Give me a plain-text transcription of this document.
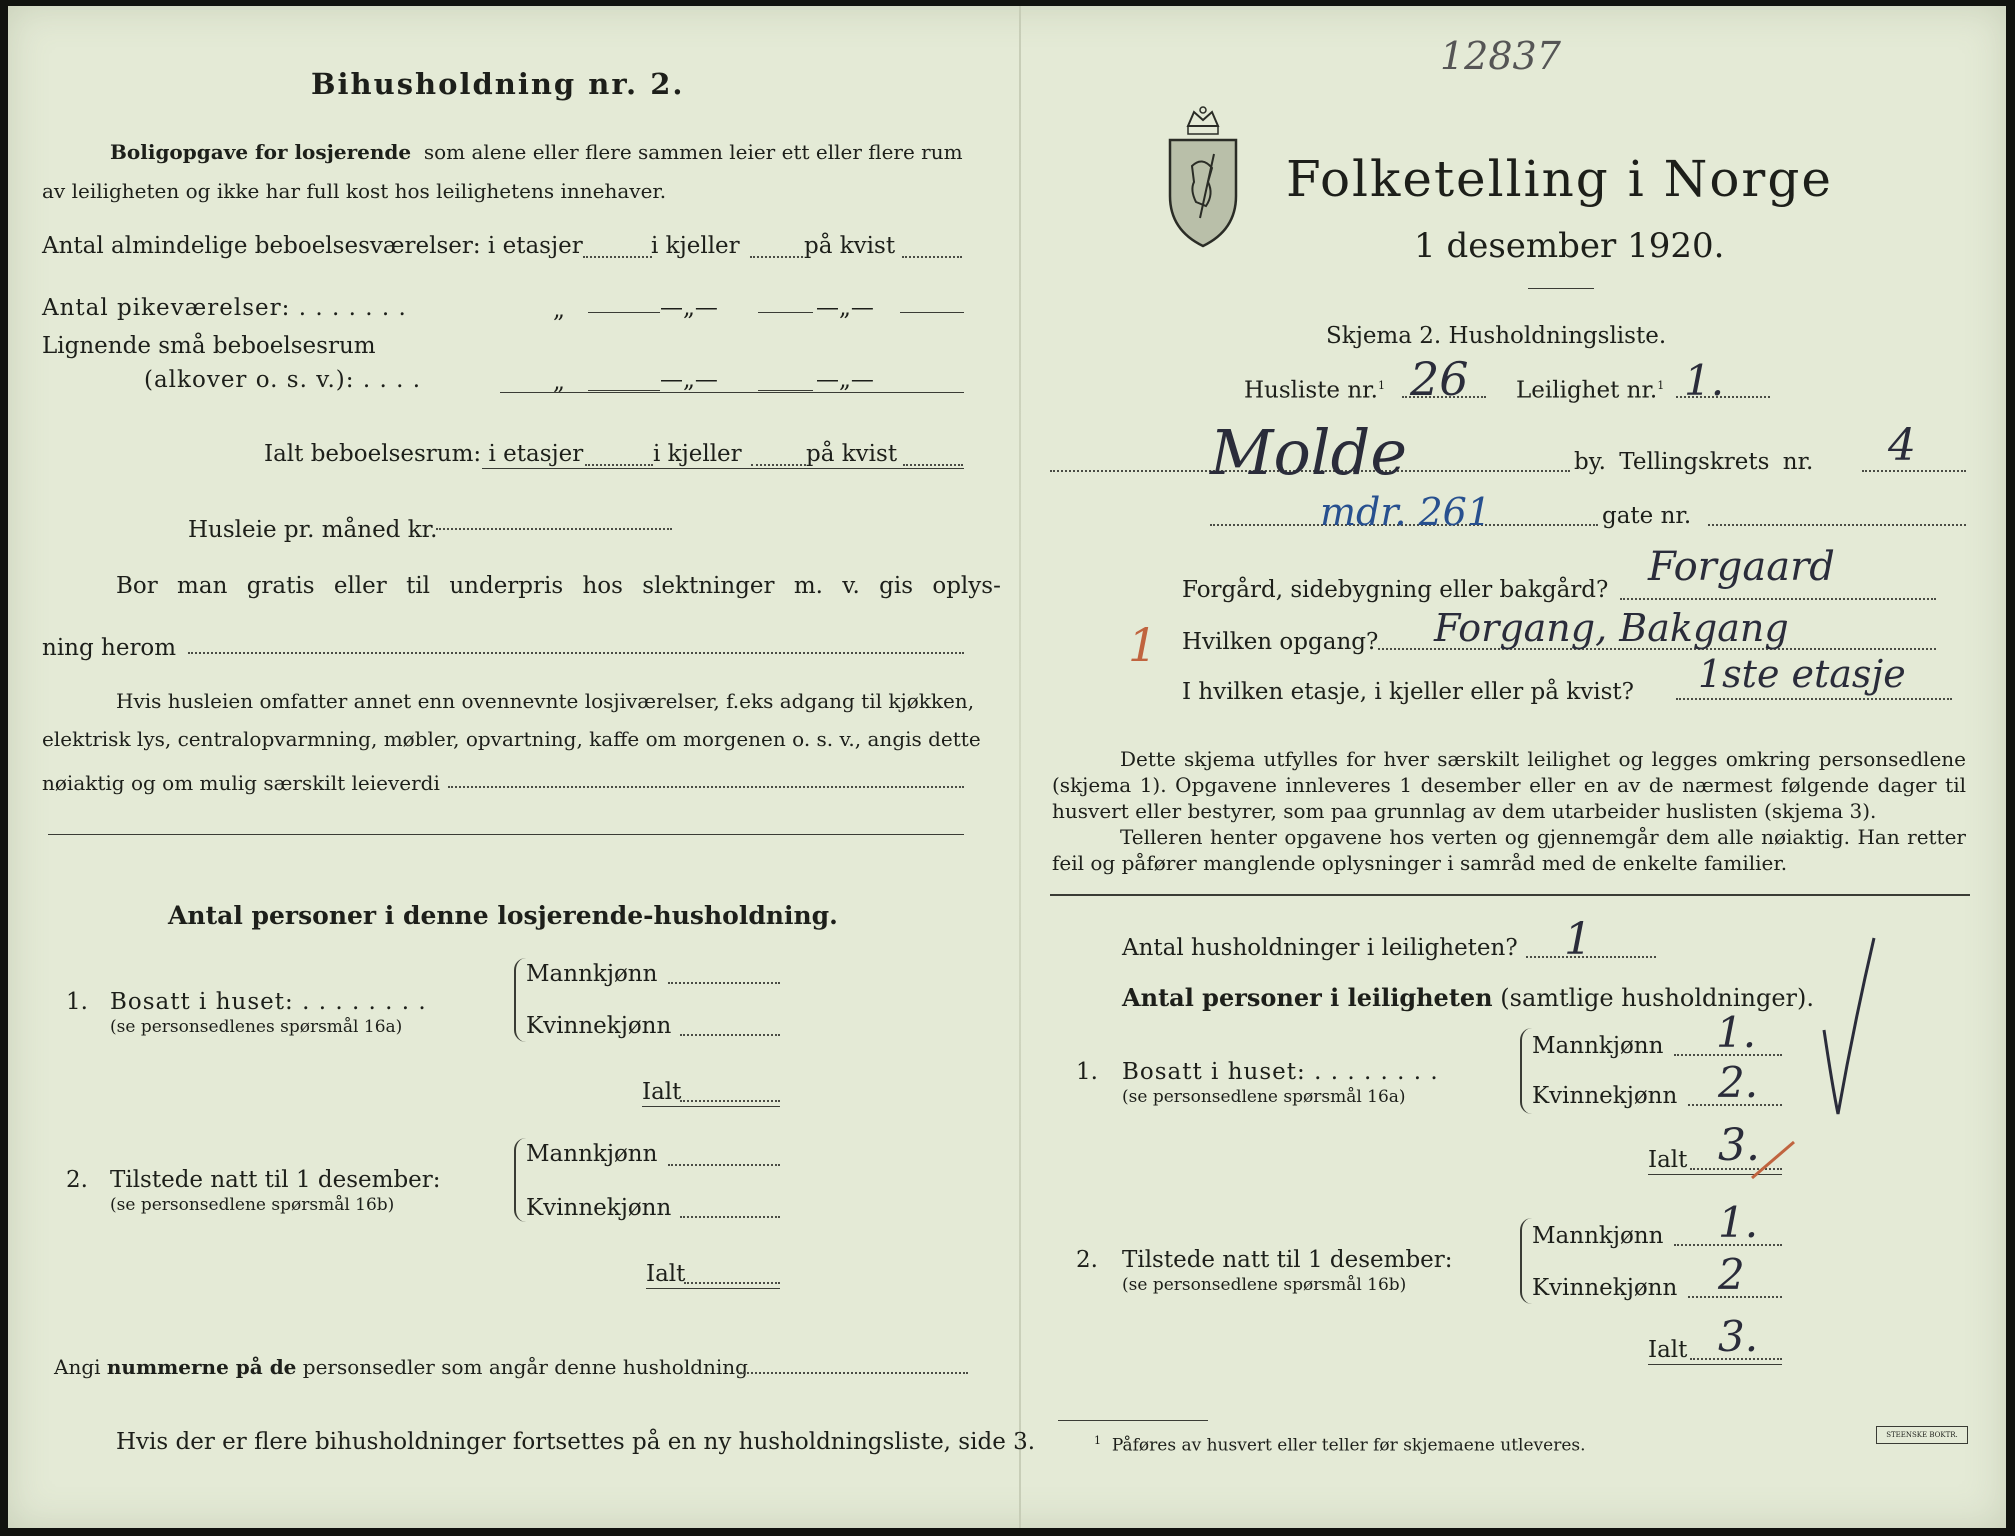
12837
Bihusholdning nr. 2.
Boligopgave for losjerende som alene eller flere sammen leier ett eller flere rum
av leiligheten og ikke har full kost hos leilighetens innehaver.
Antal almindelige beboelsesværelser: i etasjer	i kjeller	på kvist
Antal pikeværelser: . . . . . . .	„	—„—	—„—
Lignende små beboelsesrum
(alkover o. s. v.): . . . .	„	—„—	—„—
Ialt beboelsesrum: i etasjer	i kjeller	på kvist
Husleie pr. måned kr.
Bor man gratis eller til underpris hos slektninger m. v. gis oplys-
ning herom
Hvis husleien omfatter annet enn ovennevnte losjiværelser, f.eks adgang til kjøkken,
elektrisk lys, centralopvarmning, møbler, opvartning, kaffe om morgenen o. s. v., angis dette
nøiaktig og om mulig særskilt leieverdi
Antal personer i denne losjerende-husholdning.
1. Bosatt i huset: . . . . . . . .
(se personsedlenes spørsmål 16a)
Mannkjønn
Kvinnekjønn
Ialt
2. Tilstede natt til 1 desember:
(se personsedlene spørsmål 16b)
Mannkjønn
Kvinnekjønn
Ialt
Angi nummerne på de personsedler som angår denne husholdning
Hvis der er flere bihusholdninger fortsettes på en ny husholdningsliste, side 3.
Folketelling i Norge
1 desember 1920.
Skjema 2. Husholdningsliste.
Husliste nr.$^1$ 26 Leilighet nr.$^1$ 1.
Molde	by. Tellingskrets nr. 4
mdr. 261	gate nr.
Forgård, sidebygning eller bakgård? Forgaard
1 Hvilken opgang? Forgang, Bakgang
I hvilken etasje, i kjeller eller på kvist? 1ste etasje
Dette skjema utfylles for hver særskilt leilighet og legges omkring personsedlene (skjema 1). Opgavene innleveres 1 desember eller en av de nærmest følgende dager til husvert eller bestyrer, som paa grunnlag av dem utarbeider huslisten (skjema 3).
Telleren henter opgavene hos verten og gjennemgår dem alle nøiaktig. Han retter feil og påfører manglende oplysninger i samråd med de enkelte familier.
Antal husholdninger i leiligheten? 1
Antal personer i leiligheten (samtlige husholdninger).
1. Bosatt i huset: . . . . . . . .
(se personsedlene spørsmål 16a)
Mannkjønn 1.
Kvinnekjønn 2.
Ialt 3.
2. Tilstede natt til 1 desember:
(se personsedlene spørsmål 16b)
Mannkjønn 1.
Kvinnekjønn 2
Ialt 3.
$^1$ Påføres av husvert eller teller før skjemaene utleveres.
STEENSKE BOKTR.
